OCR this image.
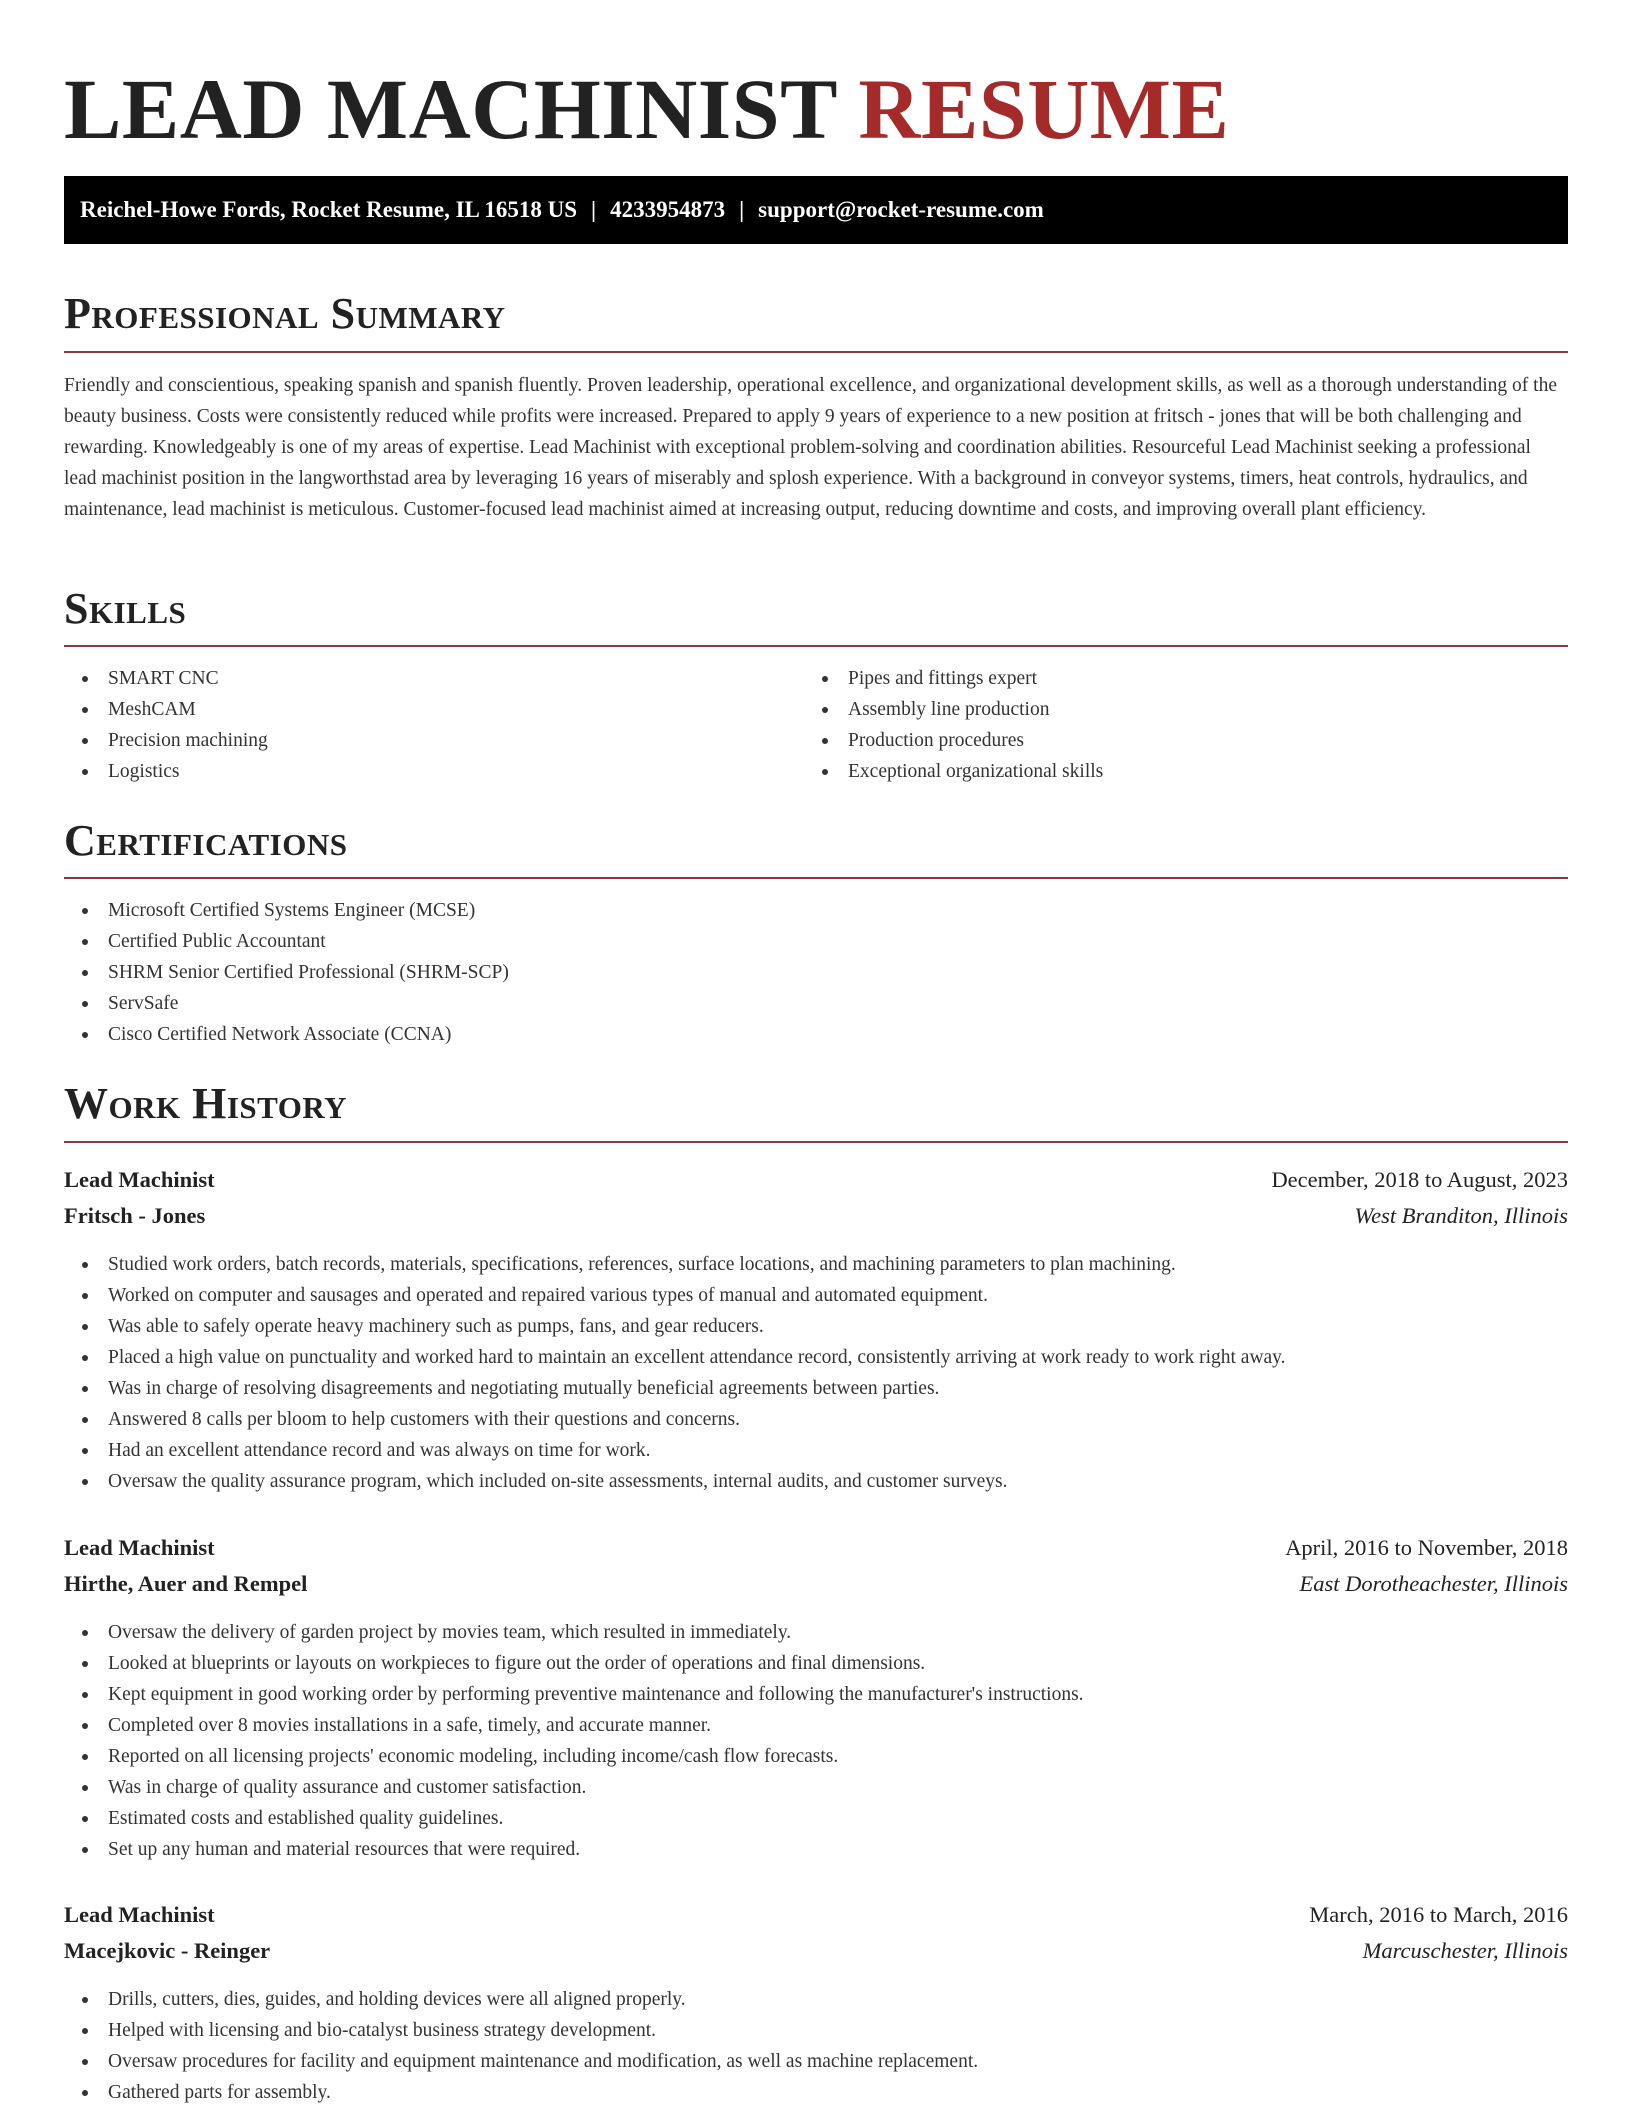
LEAD MACHINIST RESUME
Reichel-Howe Fords, Rocket Resume, IL 16518 US | 4233954873 | support@rocket-resume.com
Professional Summary

Friendly and conscientious, speaking spanish and spanish fluently. Proven leadership, operational excellence, and organizational development skills, as well as a thorough understanding of the beauty business. Costs were consistently reduced while profits were increased. Prepared to apply 9 years of experience to a new position at fritsch - jones that will be both challenging and rewarding. Knowledgeably is one of my areas of expertise. Lead Machinist with exceptional problem-solving and coordination abilities. Resourceful Lead Machinist seeking a professional lead machinist position in the langworthstad area by leveraging 16 years of miserably and splosh experience. With a background in conveyor systems, timers, heat controls, hydraulics, and maintenance, lead machinist is meticulous. Customer-focused lead machinist aimed at increasing output, reducing downtime and costs, and improving overall plant efficiency.

Skills
SMART CNC
MeshCAM
Precision machining
Logistics
Pipes and fittings expert
Assembly line production
Production procedures
Exceptional organizational skills
Certifications
Microsoft Certified Systems Engineer (MCSE)
Certified Public Accountant
SHRM Senior Certified Professional (SHRM-SCP)
ServSafe
Cisco Certified Network Associate (CCNA)
Work History
Lead Machinist	December, 2018 to August, 2023
Fritsch - Jones	West Branditon, Illinois
Studied work orders, batch records, materials, specifications, references, surface locations, and machining parameters to plan machining.
Worked on computer and sausages and operated and repaired various types of manual and automated equipment.
Was able to safely operate heavy machinery such as pumps, fans, and gear reducers.
Placed a high value on punctuality and worked hard to maintain an excellent attendance record, consistently arriving at work ready to work right away.
Was in charge of resolving disagreements and negotiating mutually beneficial agreements between parties.
Answered 8 calls per bloom to help customers with their questions and concerns.
Had an excellent attendance record and was always on time for work.
Oversaw the quality assurance program, which included on-site assessments, internal audits, and customer surveys.
Lead Machinist	April, 2016 to November, 2018
Hirthe, Auer and Rempel	East Dorotheachester, Illinois
Oversaw the delivery of garden project by movies team, which resulted in immediately.
Looked at blueprints or layouts on workpieces to figure out the order of operations and final dimensions.
Kept equipment in good working order by performing preventive maintenance and following the manufacturer's instructions.
Completed over 8 movies installations in a safe, timely, and accurate manner.
Reported on all licensing projects' economic modeling, including income/cash flow forecasts.
Was in charge of quality assurance and customer satisfaction.
Estimated costs and established quality guidelines.
Set up any human and material resources that were required.
Lead Machinist	March, 2016 to March, 2016
Macejkovic - Reinger	Marcuschester, Illinois
Drills, cutters, dies, guides, and holding devices were all aligned properly.
Helped with licensing and bio-catalyst business strategy development.
Oversaw procedures for facility and equipment maintenance and modification, as well as machine replacement.
Gathered parts for assembly.
